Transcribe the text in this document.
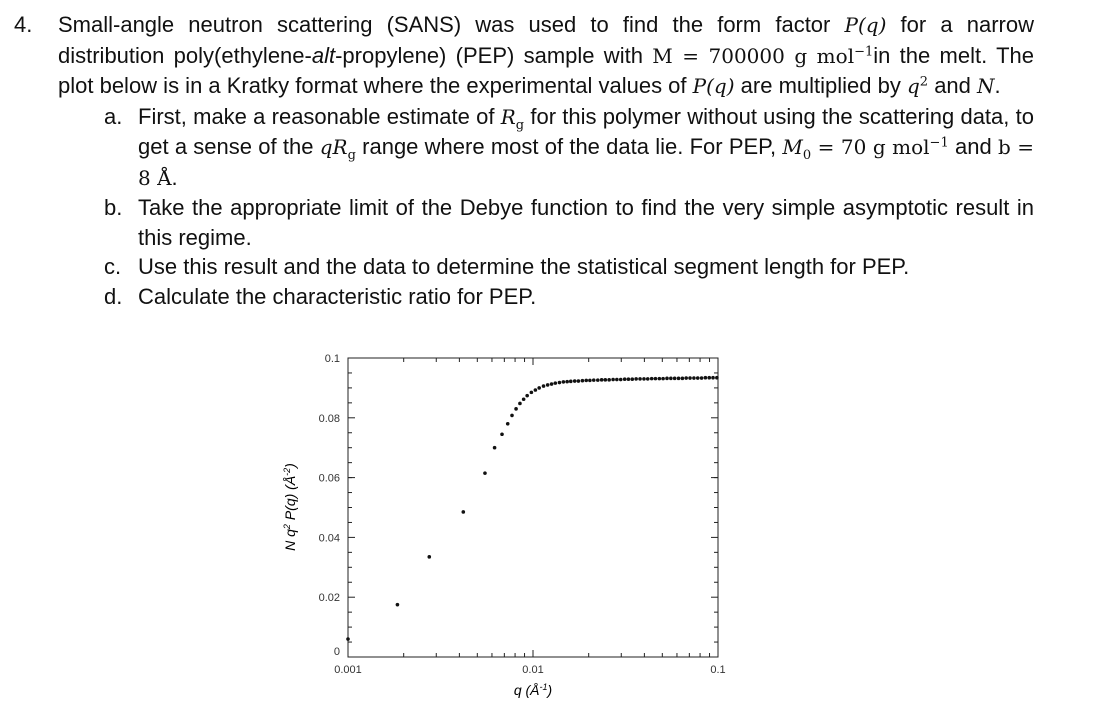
4.	Small-angle neutron scattering (SANS) was used to find the form factor P(q) for a narrow distribution poly(ethylene-alt-propylene) (PEP) sample with M = 700000 g mol$^{-1}$in the melt. The plot below is in a Kratky format where the experimental values of P(q) are multiplied by $q^2$ and N.
a. First, make a reasonable estimate of $R_g$ for this polymer without using the scattering data, to get a sense of the $qR_g$ range where most of the data lie. For PEP, $M_0 = 70$ g mol$^{-1}$ and b = 8 Å.
b. Take the appropriate limit of the Debye function to find the very simple asymptotic result in this regime.
c. Use this result and the data to determine the statistical segment length for PEP.
d. Calculate the characteristic ratio for PEP.
0.001	0.01	0.1
0
0.02
0.04
0.06
0.08
0.1
q $(Å^{-1})$
N $q^2$ P(q) $(Å^{-2})$
